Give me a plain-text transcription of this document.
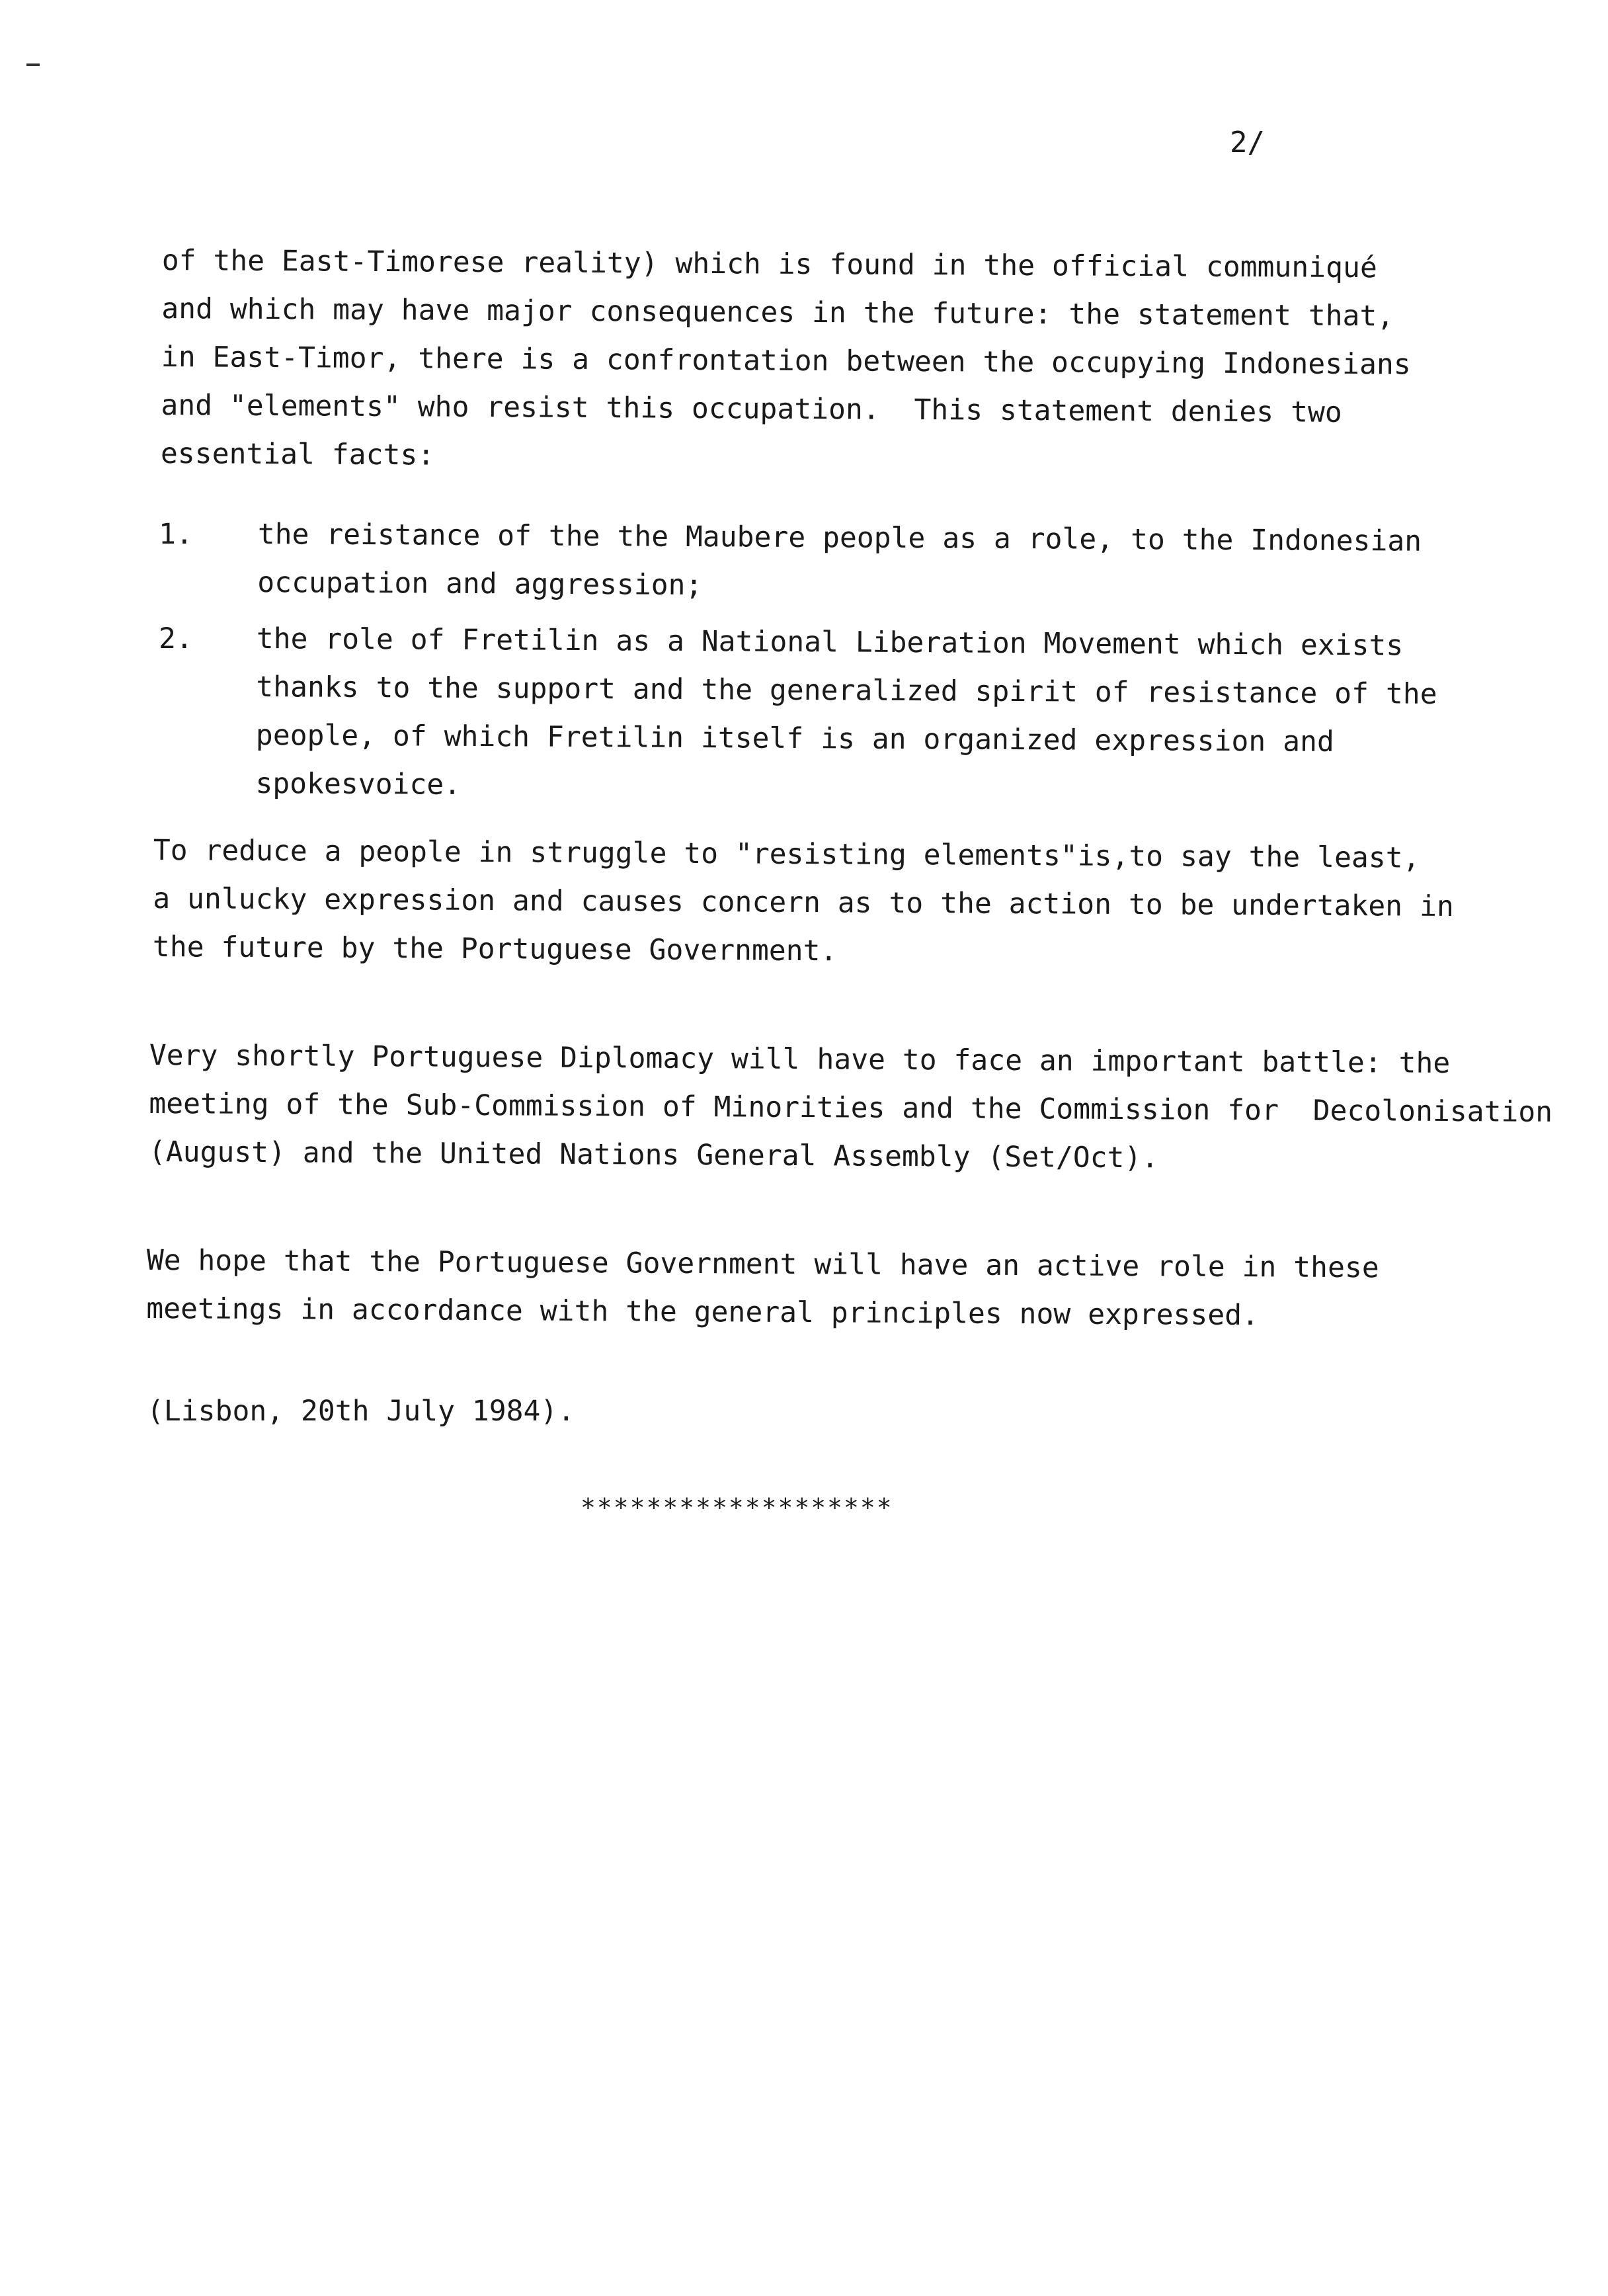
2/
of the East-Timorese reality) which is found in the official communiqué
and which may have major consequences in the future: the statement that,
in East-Timor, there is a confrontation between the occupying Indonesians
and "elements" who resist this occupation.  This statement denies two
essential facts:
1. the reistance of the the Maubere people as a role, to the Indonesian
occupation and aggression;
2. the role of Fretilin as a National Liberation Movement which exists
thanks to the support and the generalized spirit of resistance of the
people, of which Fretilin itself is an organized expression and
spokesvoice.
To reduce a people in struggle to "resisting elements"is,to say the least,
a unlucky expression and causes concern as to the action to be undertaken in
the future by the Portuguese Government.
Very shortly Portuguese Diplomacy will have to face an important battle: the
meeting of the Sub-Commission of Minorities and the Commission for  Decolonisation
(August) and the United Nations General Assembly (Set/Oct).
We hope that the Portuguese Government will have an active role in these
meetings in accordance with the general principles now expressed.
(Lisbon, 20th July 1984).
*******************
